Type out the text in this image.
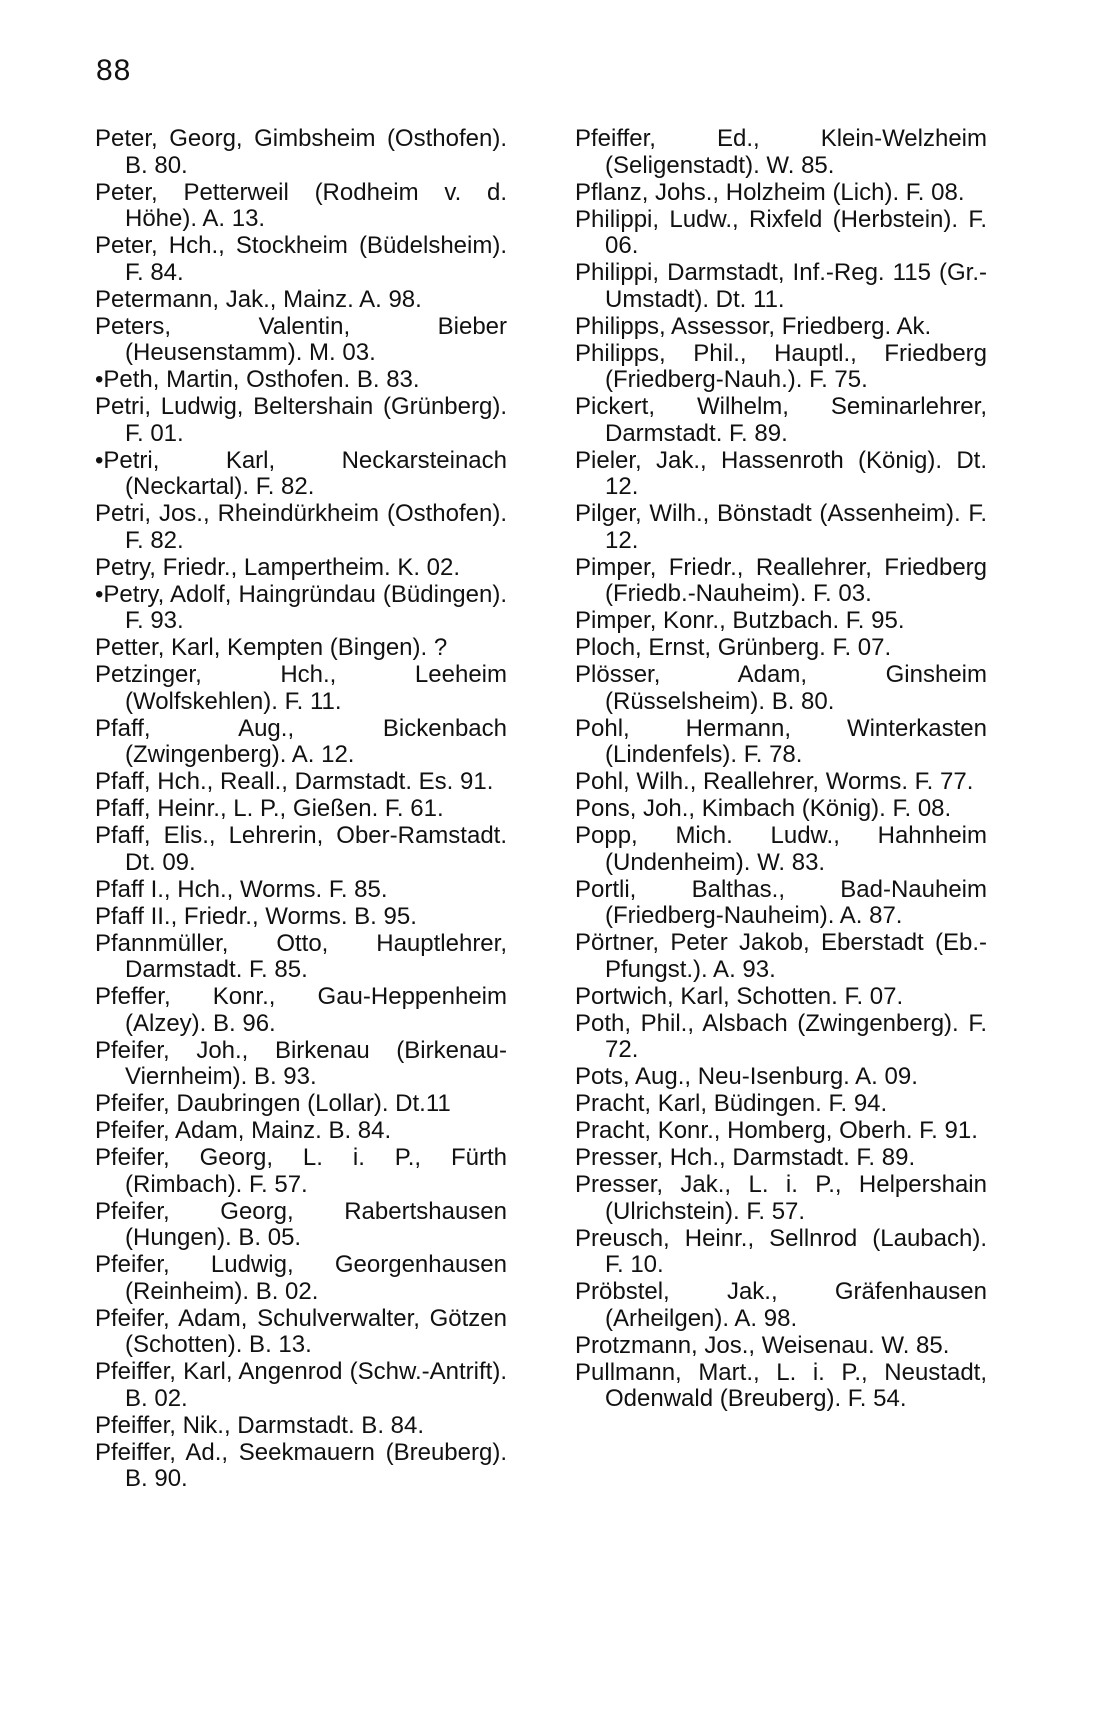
88

Peter, Georg, Gimbsheim (Osthofen). B. 80.

Peter, Petterweil (Rodheim v. d. Höhe). A. 13.

Peter, Hch., Stockheim (Büdelsheim). F. 84.

Petermann, Jak., Mainz. A. 98.

Peters, Valentin, Bieber (Heusenstamm). M. 03.

•Peth, Martin, Osthofen. B. 83.

Petri, Ludwig, Beltershain (Grünberg). F. 01.

•Petri, Karl, Neckarsteinach (Neckartal). F. 82.

Petri, Jos., Rheindürkheim (Osthofen). F. 82.

Petry, Friedr., Lampertheim. K. 02.

•Petry, Adolf, Haingründau (Büdingen). F. 93.

Petter, Karl, Kempten (Bingen). ?

Petzinger, Hch., Leeheim (Wolfskehlen). F. 11.

Pfaff, Aug., Bickenbach (Zwingenberg). A. 12.

Pfaff, Hch., Reall., Darmstadt. Es. 91.

Pfaff, Heinr., L. P., Gießen. F. 61.

Pfaff, Elis., Lehrerin, Ober-Ramstadt. Dt. 09.

Pfaff I., Hch., Worms. F. 85.

Pfaff II., Friedr., Worms. B. 95.

Pfannmüller, Otto, Hauptlehrer, Darmstadt. F. 85.

Pfeffer, Konr., Gau-Heppenheim (Alzey). B. 96.

Pfeifer, Joh., Birkenau (Birkenau-Viernheim). B. 93.

Pfeifer, Daubringen (Lollar). Dt.11

Pfeifer, Adam, Mainz. B. 84.

Pfeifer, Georg, L. i. P., Fürth (Rimbach). F. 57.

Pfeifer, Georg, Rabertshausen (Hungen). B. 05.

Pfeifer, Ludwig, Georgenhausen (Reinheim). B. 02.

Pfeifer, Adam, Schulverwalter, Götzen (Schotten). B. 13.

Pfeiffer, Karl, Angenrod (Schw.-Antrift). B. 02.

Pfeiffer, Nik., Darmstadt. B. 84.

Pfeiffer, Ad., Seekmauern (Breuberg). B. 90.

Pfeiffer, Ed., Klein-Welzheim (Seligenstadt). W. 85.

Pflanz, Johs., Holzheim (Lich). F. 08.

Philippi, Ludw., Rixfeld (Herbstein). F. 06.

Philippi, Darmstadt, Inf.-Reg. 115 (Gr.-Umstadt). Dt. 11.

Philipps, Assessor, Friedberg. Ak.

Philipps, Phil., Hauptl., Friedberg (Friedberg-Nauh.). F. 75.

Pickert, Wilhelm, Seminarlehrer, Darmstadt. F. 89.

Pieler, Jak., Hassenroth (König). Dt. 12.

Pilger, Wilh., Bönstadt (Assenheim). F. 12.

Pimper, Friedr., Reallehrer, Friedberg (Friedb.-Nauheim). F. 03.

Pimper, Konr., Butzbach. F. 95.

Ploch, Ernst, Grünberg. F. 07.

Plösser, Adam, Ginsheim (Rüsselsheim). B. 80.

Pohl, Hermann, Winterkasten (Lindenfels). F. 78.

Pohl, Wilh., Reallehrer, Worms. F. 77.

Pons, Joh., Kimbach (König). F. 08.

Popp, Mich. Ludw., Hahnheim (Undenheim). W. 83.

Portli, Balthas., Bad-Nauheim (Friedberg-Nauheim). A. 87.

Pörtner, Peter Jakob, Eberstadt (Eb.-Pfungst.). A. 93.

Portwich, Karl, Schotten. F. 07.

Poth, Phil., Alsbach (Zwingenberg). F. 72.

Pots, Aug., Neu-Isenburg. A. 09.

Pracht, Karl, Büdingen. F. 94.

Pracht, Konr., Homberg, Oberh. F. 91.

Presser, Hch., Darmstadt. F. 89.

Presser, Jak., L. i. P., Helpershain (Ulrichstein). F. 57.

Preusch, Heinr., Sellnrod (Laubach). F. 10.

Pröbstel, Jak., Gräfenhausen (Arheilgen). A. 98.

Protzmann, Jos., Weisenau. W. 85.

Pullmann, Mart., L. i. P., Neustadt, Odenwald (Breuberg). F. 54.
